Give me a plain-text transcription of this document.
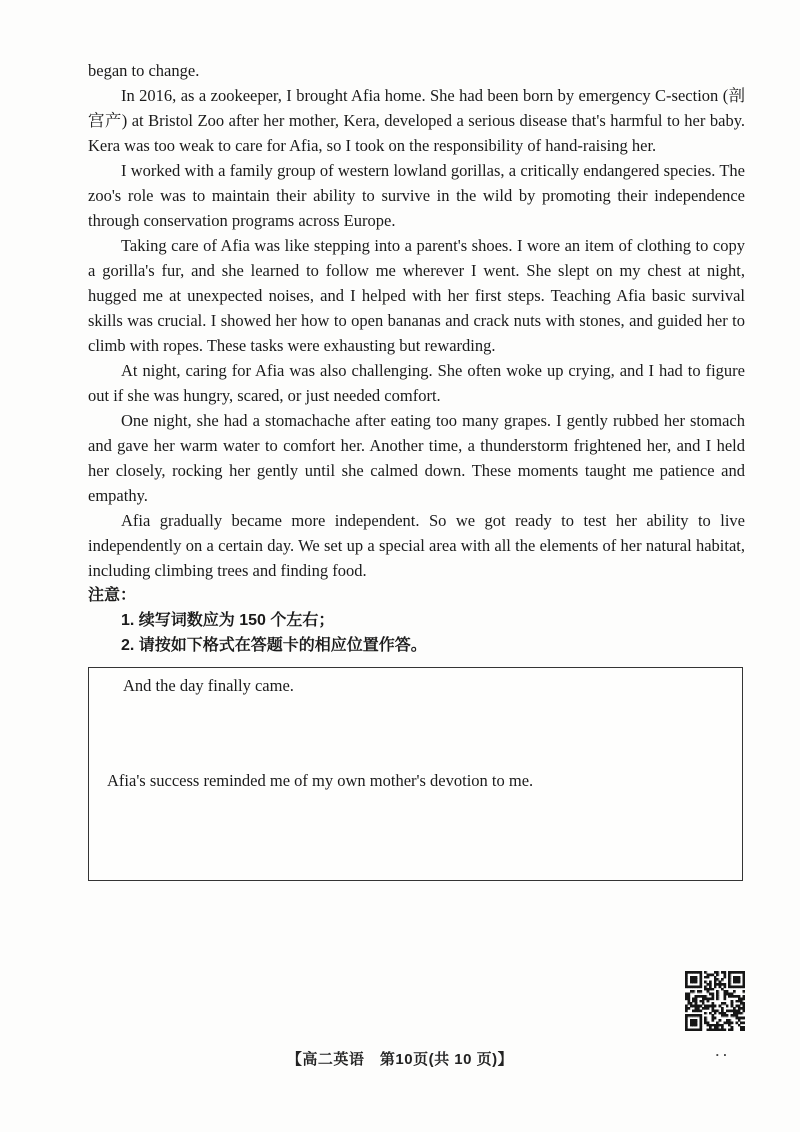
began to change.

In 2016, as a zookeeper, I brought Afia home. She had been born by emergency C-section (剖宫产) at Bristol Zoo after her mother, Kera, developed a serious disease that's harmful to her baby. Kera was too weak to care for Afia, so I took on the responsibility of hand-raising her.

I worked with a family group of western lowland gorillas, a critically endangered species. The zoo's role was to maintain their ability to survive in the wild by promoting their independence through conservation programs across Europe.

Taking care of Afia was like stepping into a parent's shoes. I wore an item of clothing to copy a gorilla's fur, and she learned to follow me wherever I went. She slept on my chest at night, hugged me at unexpected noises, and I helped with her first steps. Teaching Afia basic survival skills was crucial. I showed her how to open bananas and crack nuts with stones, and guided her to climb with ropes. These tasks were exhausting but rewarding.

At night, caring for Afia was also challenging. She often woke up crying, and I had to figure out if she was hungry, scared, or just needed comfort.

One night, she had a stomachache after eating too many grapes. I gently rubbed her stomach and gave her warm water to comfort her. Another time, a thunderstorm frightened her, and I held her closely, rocking her gently until she calmed down. These moments taught me patience and empathy.

Afia gradually became more independent. So we got ready to test her ability to live independently on a certain day. We set up a special area with all the elements of her natural habitat, including climbing trees and finding food.

注意：

1. 续写词数应为 150 个左右；

2. 请按如下格式在答题卡的相应位置作答。

And the day finally came.

Afia's success reminded me of my own mother's devotion to me.

【高二英语　第10页(共 10 页)】	..
